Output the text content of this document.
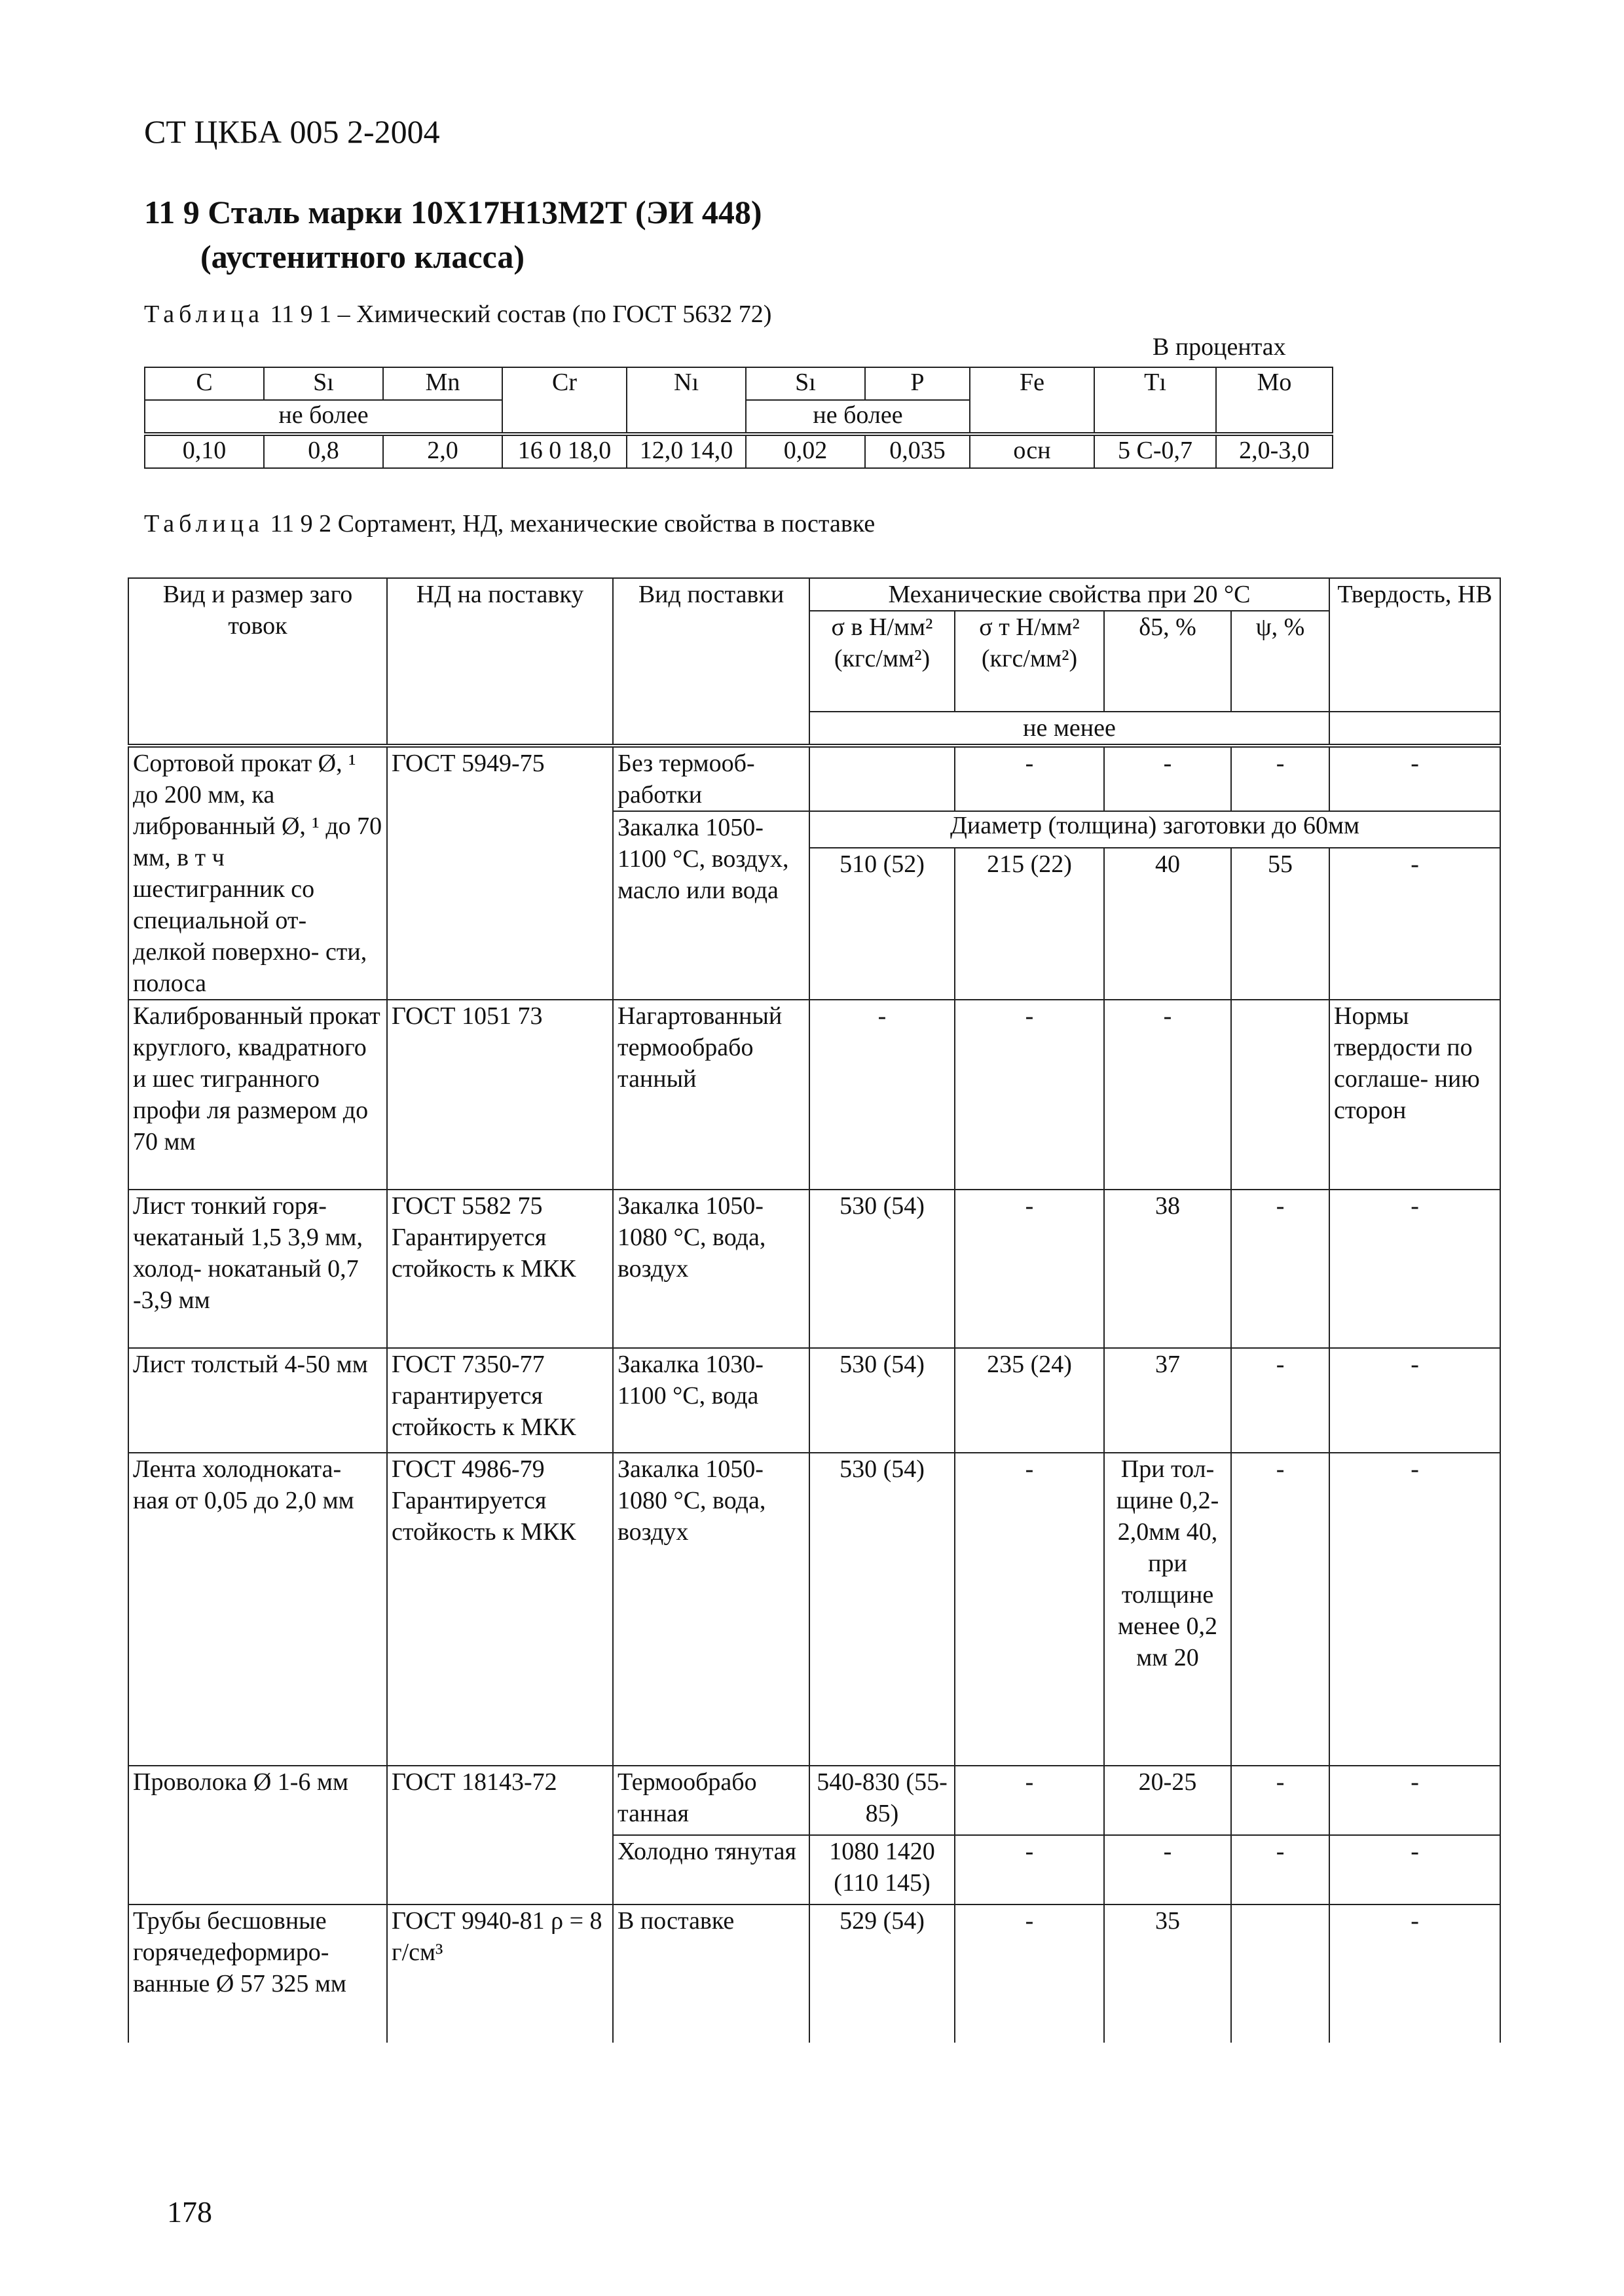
СТ ЦКБА 005 2-2004
11 9 Сталь марки 10Х17Н13М2Т (ЭИ 448)
(аустенитного класса)
Таблица 11 9 1 – Химический состав (по ГОСТ 5632 72)
В процентах
С	Sı	Mn	Cr	Nı	Sı	P	Fe	Tı	Mo
не более					не более				
0,10	0,8	2,0	16 0 18,0	12,0 14,0	0,02	0,035	осн	5 С-0,7	2,0-3,0
Таблица 11 9 2 Сортамент, НД, механические свойства в поставке
Вид и размер заго товок	НД на поставку	Вид поставки	Механические свойства при 20 °С				Твердость, НВ
			σ в Н/мм² (кгс/мм²)	σ т Н/мм² (кгс/мм²)	δ5, %	ψ, %	
			не менее				
Сортовой прокат Ø, ¹ до 200 мм, ка либрованный Ø, ¹ до 70 мм, в т ч шестигранник со специальной от- делкой поверхно- сти, полоса	ГОСТ 5949-75	Без термооб- работки		-	-	-	-
		Закалка 1050-1100 °С, воздух, масло или вода	Диаметр (толщина) заготовки до 60мм				
			510 (52)	215 (22)	40	55	-
Калиброванный прокат круглого, квадратного и шес тигранного профи ля размером до 70 мм	ГОСТ 1051 73	Нагартованный термообрабо танный	-	-	-		Нормы твердости по соглаше- нию сторон
Лист тонкий горя- чекатаный 1,5 3,9 мм, холод- нокатаный 0,7 -3,9 мм	ГОСТ 5582 75 Гарантируется стойкость к МКК	Закалка 1050-1080 °С, вода, воздух	530 (54)	-	38	-	-
Лист толстый 4-50 мм	ГОСТ 7350-77 гарантируется стойкость к МКК	Закалка 1030-1100 °С, вода	530 (54)	235 (24)	37	-	-
Лента холодноката- ная от 0,05 до 2,0 мм	ГОСТ 4986-79 Гарантируется стойкость к МКК	Закалка 1050-1080 °С, вода, воздух	530 (54)	-	При тол- щине 0,2-2,0мм 40, при толщине менее 0,2 мм 20	-	-
Проволока Ø 1-6 мм	ГОСТ 18143-72	Термообрабо танная	540-830 (55-85)	-	20-25	-	-
		Холодно тянутая	1080 1420 (110 145)	-	-	-	-
Трубы бесшовные горячедеформиро- ванные Ø 57 325 мм	ГОСТ 9940-81 ρ = 8 г/см³	В поставке	529 (54)	-	35		-
178
